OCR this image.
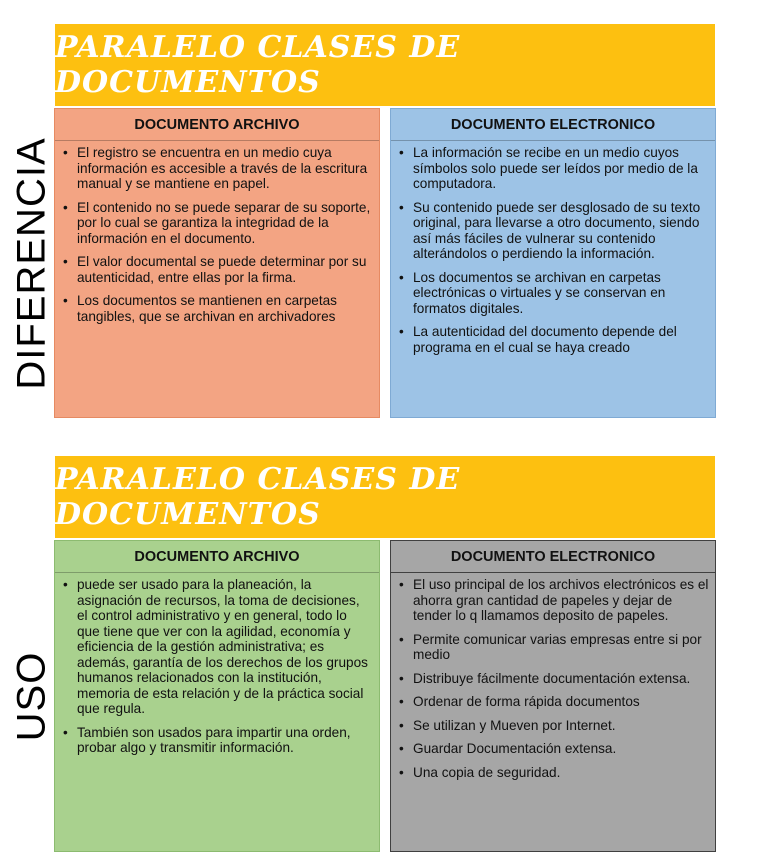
DIFERENCIA
PARALELO CLASES DE DOCUMENTOS
DOCUMENTO ARCHIVO
• El registro se encuentra en un medio cuya información es accesible a través de la escritura manual y se mantiene en papel.
• El contenido no se puede separar de su soporte, por lo cual se garantiza la integridad de la información en el documento.
• El valor documental se puede determinar por su autenticidad, entre ellas por la firma.
• Los documentos se mantienen en carpetas tangibles, que se archivan en archivadores
DOCUMENTO ELECTRONICO
• La información se recibe en un medio cuyos símbolos solo puede ser leídos por medio de la computadora.
• Su contenido puede ser desglosado de su texto original, para llevarse a otro documento, siendo así más fáciles de vulnerar su contenido alterándolos o perdiendo la información.
• Los documentos se archivan en carpetas electrónicas o virtuales y se conservan en formatos digitales.
• La autenticidad del documento depende del programa en el cual se haya creado
USO
PARALELO CLASES DE DOCUMENTOS
DOCUMENTO ARCHIVO
• puede ser usado para la planeación, la asignación de recursos, la toma de decisiones, el control administrativo y en general, todo lo que tiene que ver con la agilidad, economía y eficiencia de la gestión administrativa; es además, garantía de los derechos de los grupos humanos relacionados con la institución, memoria de esta relación y de la práctica social que regula.
• También son usados para impartir una orden, probar algo y transmitir información.
DOCUMENTO ELECTRONICO
• El uso principal de los archivos electrónicos es el ahorra gran cantidad de papeles y dejar de tender lo q llamamos deposito de papeles.
• Permite comunicar varias empresas entre si por medio
• Distribuye fácilmente documentación extensa.
• Ordenar de forma rápida documentos
• Se utilizan y Mueven por Internet.
• Guardar Documentación extensa.
• Una copia de seguridad.
